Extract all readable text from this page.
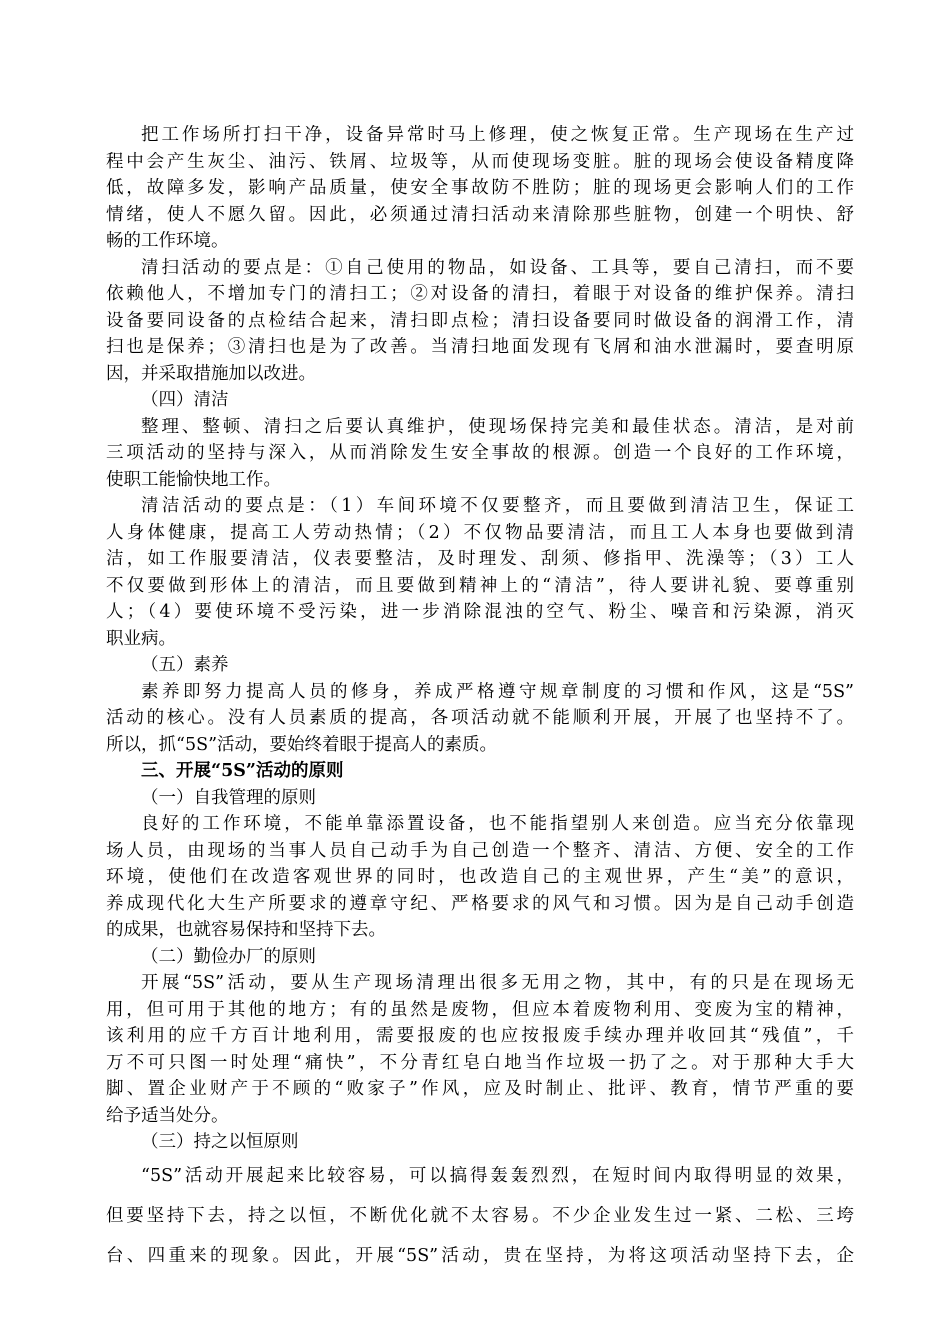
把工作场所打扫干净，设备异常时马上修理，使之恢复正常。生产现场在生产过
程中会产生灰尘、油污、铁屑、垃圾等，从而使现场变脏。脏的现场会使设备精度降
低，故障多发，影响产品质量，使安全事故防不胜防；脏的现场更会影响人们的工作
情绪，使人不愿久留。因此，必须通过清扫活动来清除那些脏物，创建一个明快、舒
畅的工作环境。
清扫活动的要点是：①自己使用的物品，如设备、工具等，要自己清扫，而不要
依赖他人，不增加专门的清扫工；②对设备的清扫，着眼于对设备的维护保养。清扫
设备要同设备的点检结合起来，清扫即点检；清扫设备要同时做设备的润滑工作，清
扫也是保养；③清扫也是为了改善。当清扫地面发现有飞屑和油水泄漏时，要查明原
因，并采取措施加以改进。
（四）清洁
整理、整顿、清扫之后要认真维护，使现场保持完美和最佳状态。清洁，是对前
三项活动的坚持与深入，从而消除发生安全事故的根源。创造一个良好的工作环境，
使职工能愉快地工作。
清洁活动的要点是：（1）车间环境不仅要整齐，而且要做到清洁卫生，保证工
人身体健康，提高工人劳动热情；（2）不仅物品要清洁，而且工人本身也要做到清
洁，如工作服要清洁，仪表要整洁，及时理发、刮须、修指甲、洗澡等；（3）工人
不仅要做到形体上的清洁，而且要做到精神上的“清洁”，待人要讲礼貌、要尊重别
人；（4）要使环境不受污染，进一步消除混浊的空气、粉尘、噪音和污染源，消灭
职业病。
（五）素养
素养即努力提高人员的修身，养成严格遵守规章制度的习惯和作风，这是“5S”
活动的核心。没有人员素质的提高，各项活动就不能顺利开展，开展了也坚持不了。
所以，抓“5S”活动，要始终着眼于提高人的素质。
三、开展“5S”活动的原则
（一）自我管理的原则
良好的工作环境，不能单靠添置设备，也不能指望别人来创造。应当充分依靠现
场人员，由现场的当事人员自己动手为自己创造一个整齐、清洁、方便、安全的工作
环境，使他们在改造客观世界的同时，也改造自己的主观世界，产生“美”的意识，
养成现代化大生产所要求的遵章守纪、严格要求的风气和习惯。因为是自己动手创造
的成果，也就容易保持和坚持下去。
（二）勤俭办厂的原则
开展“5S”活动，要从生产现场清理出很多无用之物，其中，有的只是在现场无
用，但可用于其他的地方；有的虽然是废物，但应本着废物利用、变废为宝的精神，
该利用的应千方百计地利用，需要报废的也应按报废手续办理并收回其“残值”，千
万不可只图一时处理“痛快”，不分青红皂白地当作垃圾一扔了之。对于那种大手大
脚、置企业财产于不顾的“败家子”作风，应及时制止、批评、教育，情节严重的要
给予适当处分。
（三）持之以恒原则
“5S”活动开展起来比较容易，可以搞得轰轰烈烈，在短时间内取得明显的效果，
但要坚持下去，持之以恒，不断优化就不太容易。不少企业发生过一紧、二松、三垮
台、四重来的现象。因此，开展“5S”活动，贵在坚持，为将这项活动坚持下去，企
